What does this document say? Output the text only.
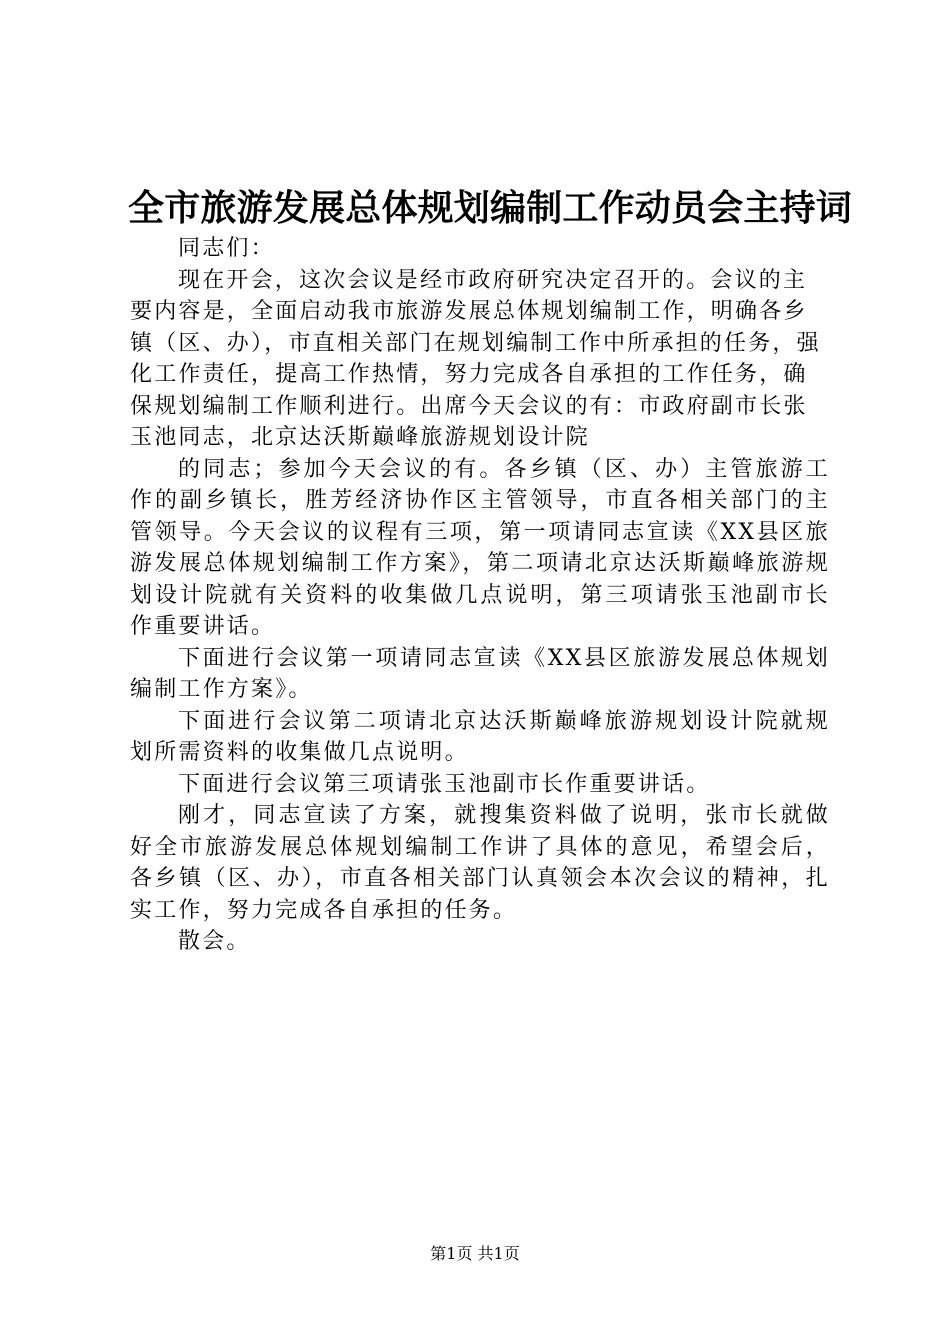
全市旅游发展总体规划编制工作动员会主持词

同志们：

现在开会，这次会议是经市政府研究决定召开的。会议的主要内容是，全面启动我市旅游发展总体规划编制工作，明确各乡镇（区、办），市直相关部门在规划编制工作中所承担的任务，强化工作责任，提高工作热情，努力完成各自承担的工作任务，确保规划编制工作顺利进行。出席今天会议的有：市政府副市长张玉池同志，北京达沃斯巅峰旅游规划设计院

的同志；参加今天会议的有。各乡镇（区、办）主管旅游工作的副乡镇长，胜芳经济协作区主管领导，市直各相关部门的主管领导。今天会议的议程有三项，第一项请同志宣读《XX县区旅游发展总体规划编制工作方案》，第二项请北京达沃斯巅峰旅游规划设计院就有关资料的收集做几点说明，第三项请张玉池副市长作重要讲话。

下面进行会议第一项请同志宣读《XX县区旅游发展总体规划编制工作方案》。

下面进行会议第二项请北京达沃斯巅峰旅游规划设计院就规划所需资料的收集做几点说明。

下面进行会议第三项请张玉池副市长作重要讲话。

刚才，同志宣读了方案，就搜集资料做了说明，张市长就做好全市旅游发展总体规划编制工作讲了具体的意见，希望会后，各乡镇（区、办），市直各相关部门认真领会本次会议的精神，扎实工作，努力完成各自承担的任务。

散会。

第1页 共1页
